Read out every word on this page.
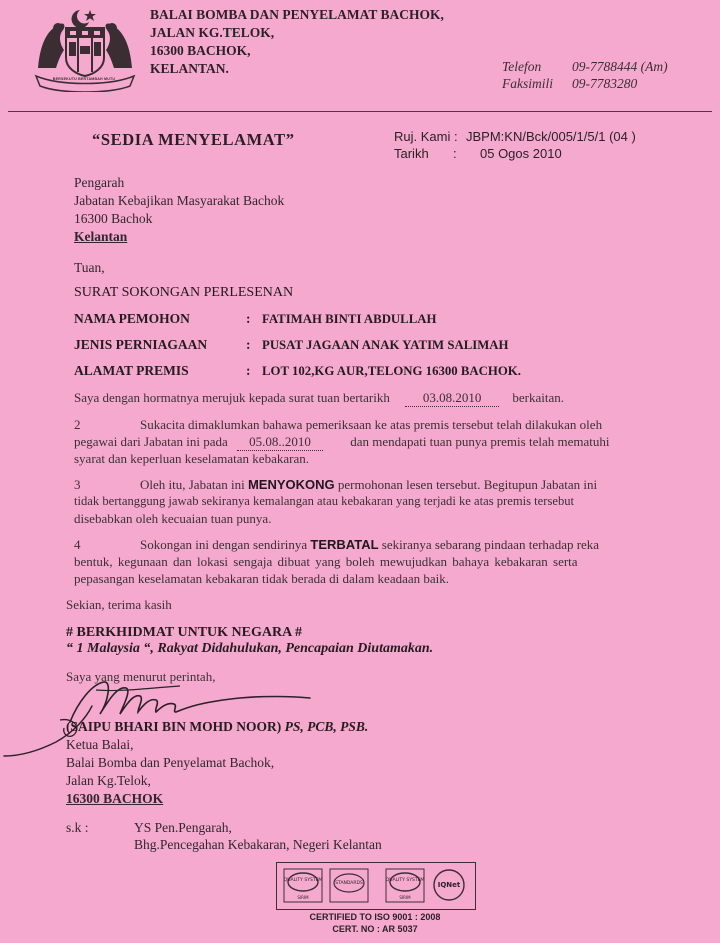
BERSEKUTU BERTAMBAH MUTU
BALAI BOMBA DAN PENYELAMAT BACHOK,
JALAN KG.TELOK,
16300 BACHOK,
KELANTAN.	Telefon 09-7788444 (Am)
Faksimili 09-7783280
“SEDIA MENYELAMAT”	Ruj. Kami : JBPM:KN/Bck/005/1/5/1 (04 )
Tarikh : 05 Ogos 2010
Pengarah
Jabatan Kebajikan Masyarakat Bachok
16300 Bachok
Kelantan
Tuan,
SURAT SOKONGAN PERLESENAN
NAMA PEMOHON	: FATIMAH BINTI ABDULLAH
JENIS PERNIAGAAN	: PUSAT JAGAAN ANAK YATIM SALIMAH
ALAMAT PREMIS	: LOT 102,KG AUR,TELONG 16300 BACHOK.
Saya dengan hormatnya merujuk kepada surat tuan bertarikh	03.08.2010 berkaitan.
2	Sukacita dimaklumkan bahawa pemeriksaan ke atas premis tersebut telah dilakukan oleh
pegawai dari Jabatan ini pada 05.08..2010	dan mendapati tuan punya premis telah mematuhi
syarat dan keperluan keselamatan kebakaran.
3	Oleh itu, Jabatan ini MENYOKONG permohonan lesen tersebut. Begitupun Jabatan ini
tidak bertanggung jawab sekiranya kemalangan atau kebakaran yang terjadi ke atas premis tersebut
disebabkan oleh kecuaian tuan punya.
4	Sokongan ini dengan sendirinya TERBATAL sekiranya sebarang pindaan terhadap reka
bentuk, kegunaan dan lokasi sengaja dibuat yang boleh mewujudkan bahaya kebakaran serta
pepasangan keselamatan kebakaran tidak berada di dalam keadaan baik.
Sekian, terima kasih
# BERKHIDMAT UNTUK NEGARA #
“ 1 Malaysia “, Rakyat Didahulukan, Pencapaian Diutamakan.
Saya yang menurut perintah,
(SAIPU BHARI BIN MOHD NOOR) PS, PCB, PSB.
Ketua Balai,
Balai Bomba dan Penyelamat Bachok,
Jalan Kg.Telok,
16300 BACHOK
s.k :	YS Pen.Pengarah,
Bhg.Pencegahan Kebakaran, Negeri Kelantan
QUALITY SYSTEM
SIRIM
STANDARDS
QUALITY SYSTEM
SIRIM
IQNet
CERTIFIED TO ISO 9001 : 2008
CERT. NO : AR 5037
